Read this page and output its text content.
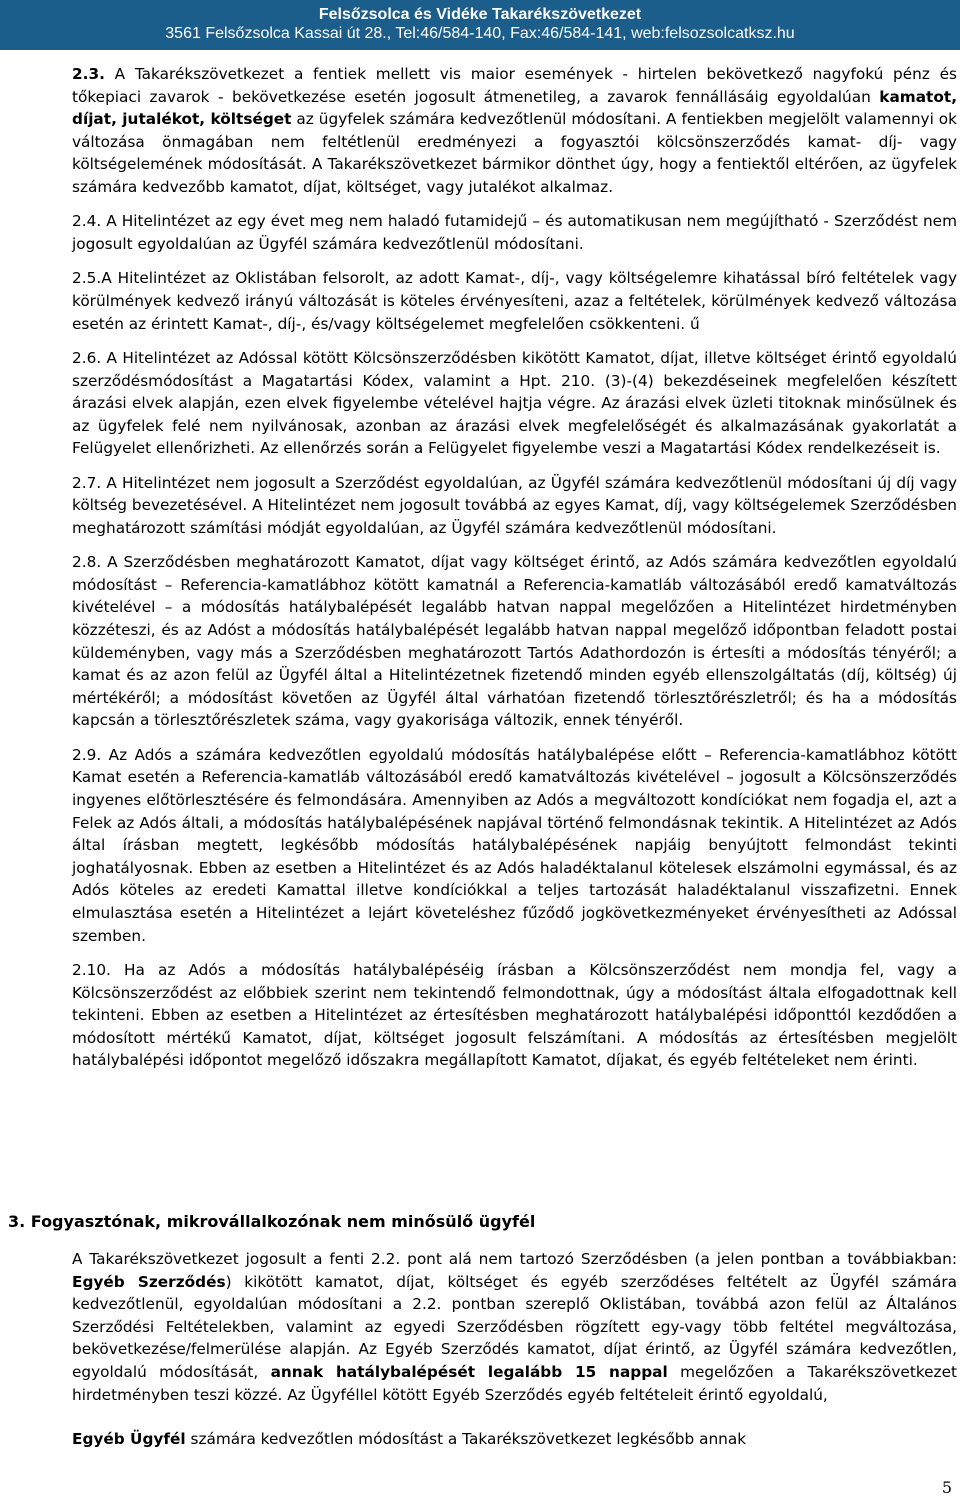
Felsőzsolca és Vidéke Takarékszövetkezet
3561 Felsőzsolca Kassai út 28., Tel:46/584-140, Fax:46/584-141, web:felsozsolcatksz.hu

2.3. A Takarékszövetkezet a fentiek mellett vis maior események - hirtelen bekövetkező nagyfokú pénz és tőkepiaci zavarok - bekövetkezése esetén jogosult átmenetileg, a zavarok fennállásáig egyoldalúan kamatot, díjat, jutalékot, költséget az ügyfelek számára kedvezőtlenül módosítani. A fentiekben megjelölt valamennyi ok változása önmagában nem feltétlenül eredményezi a fogyasztói kölcsönszerződés kamat- díj- vagy költségelemének módosítását. A Takarékszövetkezet bármikor dönthet úgy, hogy a fentiektől eltérően, az ügyfelek számára kedvezőbb kamatot, díjat, költséget, vagy jutalékot alkalmaz.

2.4. A Hitelintézet az egy évet meg nem haladó futamidejű – és automatikusan nem megújítható - Szerződést nem jogosult egyoldalúan az Ügyfél számára kedvezőtlenül módosítani.

2.5.A Hitelintézet az Oklistában felsorolt, az adott Kamat-, díj-, vagy költségelemre kihatással bíró feltételek vagy körülmények kedvező irányú változását is köteles érvényesíteni, azaz a feltételek, körülmények kedvező változása esetén az érintett Kamat-, díj-, és/vagy költségelemet megfelelően csökkenteni. ű

2.6. A Hitelintézet az Adóssal kötött Kölcsönszerződésben kikötött Kamatot, díjat, illetve költséget érintő egyoldalú szerződésmódosítást a Magatartási Kódex, valamint a Hpt. 210. (3)-(4) bekezdéseinek megfelelően készített árazási elvek alapján, ezen elvek figyelembe vételével hajtja végre. Az árazási elvek üzleti titoknak minősülnek és az ügyfelek felé nem nyilvánosak, azonban az árazási elvek megfelelőségét és alkalmazásának gyakorlatát a Felügyelet ellenőrizheti. Az ellenőrzés során a Felügyelet figyelembe veszi a Magatartási Kódex rendelkezéseit is.

2.7. A Hitelintézet nem jogosult a Szerződést egyoldalúan, az Ügyfél számára kedvezőtlenül módosítani új díj vagy költség bevezetésével. A Hitelintézet nem jogosult továbbá az egyes Kamat, díj, vagy költségelemek Szerződésben meghatározott számítási módját egyoldalúan, az Ügyfél számára kedvezőtlenül módosítani.

2.8. A Szerződésben meghatározott Kamatot, díjat vagy költséget érintő, az Adós számára kedvezőtlen egyoldalú módosítást – Referencia-kamatlábhoz kötött kamatnál a Referencia-kamatláb változásából eredő kamatváltozás kivételével – a módosítás hatálybalépését legalább hatvan nappal megelőzően a Hitelintézet hirdetményben közzéteszi, és az Adóst a módosítás hatálybalépését legalább hatvan nappal megelőző időpontban feladott postai küldeményben, vagy más a Szerződésben meghatározott Tartós Adathordozón is értesíti a módosítás tényéről; a kamat és az azon felül az Ügyfél által a Hitelintézetnek fizetendő minden egyéb ellenszolgáltatás (díj, költség) új mértékéről; a módosítást követően az Ügyfél által várhatóan fizetendő törlesztőrészletről; és ha a módosítás kapcsán a törlesztőrészletek száma, vagy gyakorisága változik, ennek tényéről.

2.9. Az Adós a számára kedvezőtlen egyoldalú módosítás hatálybalépése előtt – Referencia-kamatlábhoz kötött Kamat esetén a Referencia-kamatláb változásából eredő kamatváltozás kivételével – jogosult a Kölcsönszerződés ingyenes előtörlesztésére és felmondására. Amennyiben az Adós a megváltozott kondíciókat nem fogadja el, azt a Felek az Adós általi, a módosítás hatálybalépésének napjával történő felmondásnak tekintik. A Hitelintézet az Adós által írásban megtett, legkésőbb módosítás hatálybalépésének napjáig benyújtott felmondást tekinti joghatályosnak. Ebben az esetben a Hitelintézet és az Adós haladéktalanul kötelesek elszámolni egymással, és az Adós köteles az eredeti Kamattal illetve kondíciókkal a teljes tartozását haladéktalanul visszafizetni. Ennek elmulasztása esetén a Hitelintézet a lejárt követeléshez fűződő jogkövetkezményeket érvényesítheti az Adóssal szemben.

2.10. Ha az Adós a módosítás hatálybalépéséig írásban a Kölcsönszerződést nem mondja fel, vagy a Kölcsönszerződést az előbbiek szerint nem tekintendő felmondottnak, úgy a módosítást általa elfogadottnak kell tekinteni. Ebben az esetben a Hitelintézet az értesítésben meghatározott hatálybalépési időponttól kezdődően a módosított mértékű Kamatot, díjat, költséget jogosult felszámítani. A módosítás az értesítésben megjelölt hatálybalépési időpontot megelőző időszakra megállapított Kamatot, díjakat, és egyéb feltételeket nem érinti.

3. Fogyasztónak, mikrovállalkozónak nem minősülő ügyfél

A Takarékszövetkezet jogosult a fenti 2.2. pont alá nem tartozó Szerződésben (a jelen pontban a továbbiakban: Egyéb Szerződés) kikötött kamatot, díjat, költséget és egyéb szerződéses feltételt az Ügyfél számára kedvezőtlenül, egyoldalúan módosítani a 2.2. pontban szereplő Oklistában, továbbá azon felül az Általános Szerződési Feltételekben, valamint az egyedi Szerződésben rögzített egy-vagy több feltétel megváltozása, bekövetkezése/felmerülése alapján. Az Egyéb Szerződés kamatot, díjat érintő, az Ügyfél számára kedvezőtlen, egyoldalú módosítását, annak hatálybalépését legalább 15 nappal megelőzően a Takarékszövetkezet hirdetményben teszi közzé. Az Ügyféllel kötött Egyéb Szerződés egyéb feltételeit érintő egyoldalú,

Egyéb Ügyfél számára kedvezőtlen módosítást a Takarékszövetkezet legkésőbb annak

5
